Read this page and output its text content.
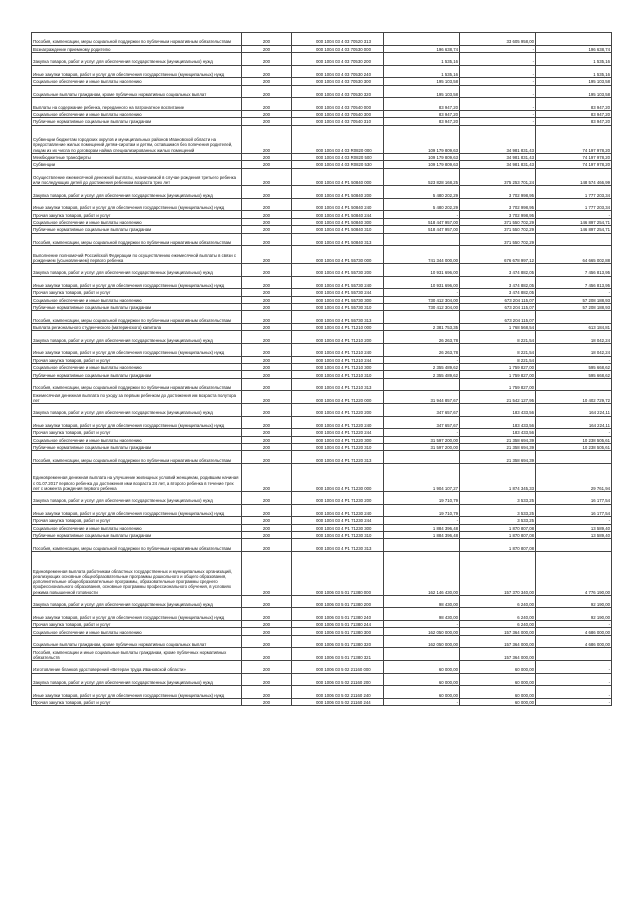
Пособия, компенсации, меры социальной поддержки по публичным нормативным обязательствам	200	000 1004 03 4 03 70520 313		33 605 958,00	
Вознаграждение приемному родителю	200	000 1004 03 4 03 70530 000	196 638,74	-	196 638,74
Закупка товаров, работ и услуг для обеспечения государственных (муниципальных) нужд	200	000 1004 03 4 03 70530 200	1 535,16	-	1 535,16
Иные закупки товаров, работ и услуг для обеспечения государственных (муниципальных) нужд	200	000 1004 03 4 03 70530 240	1 535,16	-	1 535,16
Социальное обеспечение и иные выплаты населению	200	000 1004 03 4 03 70530 300	195 103,58	-	195 103,58
Социальные выплаты гражданам, кроме публичных нормативных социальных выплат	200	000 1004 03 4 03 70530 320	195 103,58	-	195 103,58
Выплаты на содержание ребенка, переданного на патронатное воспитание	200	000 1004 03 4 03 70540 000	83 947,20	-	83 947,20
Социальное обеспечение и иные выплаты населению	200	000 1004 03 4 03 70540 300	83 947,20	-	83 947,20
Публичные нормативные социальные выплаты гражданам	200	000 1004 03 4 03 70540 310	83 947,20	-	83 947,20
Субвенции бюджетам городских округов и муниципальных районов Ивановской области на предоставление жилых помещений детям-сиротам и детям, оставшимся без попечения родителей, лицам из их числа по договорам найма специализированных жилых помещений	200	000 1004 03 4 03 R0820 000	109 179 809,63	34 981 831,43	74 197 978,20
Межбюджетные трансферты	200	000 1004 03 4 03 R0820 500	109 179 809,63	34 981 831,43	74 197 978,20
Субвенции	200	000 1004 03 4 03 R0820 530	109 179 809,63	34 981 831,43	74 197 978,20
Осуществление ежемесячной денежной выплаты, назначаемой в случае рождения третьего ребенка или последующих детей до достижения ребенком возраста трех лет	200	000 1004 03 4 P1 50840 000	523 828 168,25	375 253 701,24	148 574 466,99
Закупка товаров, работ и услуг для обеспечения государственных (муниципальных) нужд	200	000 1004 03 4 P1 50840 200	5 480 202,29	3 702 998,95	1 777 203,34
Иные закупки товаров, работ и услуг для обеспечения государственных (муниципальных) нужд	200	000 1004 03 4 P1 50840 240	5 480 202,29	3 702 998,95	1 777 203,34
Прочая закупка товаров, работ и услуг	200	000 1004 03 4 P1 50840 244	-	3 702 998,95	-
Социальное обеспечение и иные выплаты населению	200	000 1004 03 4 P1 50840 300	518 447 957,00	371 550 702,29	146 897 254,71
Публичные нормативные социальные выплаты гражданам	200	000 1004 03 4 P1 50840 310	518 447 957,00	371 550 702,29	146 897 254,71
Пособия, компенсации, меры социальной поддержки по публичным нормативным обязательствам	200	000 1004 03 4 P1 50840 313		371 550 702,29	
Выполнение полномочий Российской Федерации по осуществлению ежемесячной выплаты в связи с рождением (усыновлением) первого ребенка	200	000 1004 03 4 P1 55730 000	741 344 000,00	676 678 997,12	64 665 002,88
Закупка товаров, работ и услуг для обеспечения государственных (муниципальных) нужд	200	000 1004 03 4 P1 55730 200	10 931 696,00	3 474 882,05	7 456 813,95
Иные закупки товаров, работ и услуг для обеспечения государственных (муниципальных) нужд	200	000 1004 03 4 P1 55730 240	10 931 696,00	3 474 882,05	7 456 813,95
Прочая закупка товаров, работ и услуг	200	000 1004 03 4 P1 55730 244	-	3 474 882,05	-
Социальное обеспечение и иные выплаты населению	200	000 1004 03 4 P1 55730 300	730 412 304,00	673 204 115,07	57 208 188,93
Публичные нормативные социальные выплаты гражданам	200	000 1004 03 4 P1 55730 310	730 412 304,00	673 204 115,07	57 208 188,93
Пособия, компенсации, меры социальной поддержки по публичным нормативным обязательствам	200	000 1004 03 4 P1 55730 313		673 204 115,07	
Выплата регионального студенческого (материнского) капитала	200	000 1004 03 4 P1 71210 000	2 381 753,35	1 768 568,54	613 184,81
Закупка товаров, работ и услуг для обеспечения государственных (муниципальных) нужд	200	000 1004 03 4 P1 71210 200	26 263,78	8 221,54	18 042,24
Иные закупки товаров, работ и услуг для обеспечения государственных (муниципальных) нужд	200	000 1004 03 4 P1 71210 240	26 263,78	8 221,54	18 042,24
Прочая закупка товаров, работ и услуг	200	000 1004 03 4 P1 71210 244	-	8 221,54	-
Социальное обеспечение и иные выплаты населению	200	000 1004 03 4 P1 71210 300	2 355 489,62	1 759 827,00	595 668,62
Публичные нормативные социальные выплаты гражданам	200	000 1004 03 4 P1 71210 310	2 355 489,62	1 759 827,00	595 668,62
Пособия, компенсации, меры социальной поддержки по публичным нормативным обязательствам	200	000 1004 03 4 P1 71210 313		1 759 827,00	
Ежемесячная денежная выплата по уходу за первым ребенком до достижения им возраста полутора лет	200	000 1004 03 4 P1 71220 000	31 944 857,67	21 542 127,95	10 402 729,72
Закупка товаров, работ и услуг для обеспечения государственных (муниципальных) нужд	200	000 1004 03 4 P1 71220 200	347 657,67	183 433,56	164 224,11
Иные закупки товаров, работ и услуг для обеспечения государственных (муниципальных) нужд	200	000 1004 03 4 P1 71220 240	347 657,67	183 433,56	164 224,11
Прочая закупка товаров, работ и услуг	200	000 1004 03 4 P1 71220 244	-	183 433,56	-
Социальное обеспечение и иные выплаты населению	200	000 1004 03 4 P1 71220 300	31 597 200,00	21 358 694,39	10 238 505,61
Публичные нормативные социальные выплаты гражданам	200	000 1004 03 4 P1 71220 310	31 597 200,00	21 358 694,39	10 238 505,61
Пособия, компенсации, меры социальной поддержки по публичным нормативным обязательствам	200	000 1004 03 4 P1 71220 313		21 358 694,39	
Единовременная денежная выплата на улучшение жилищных условий женщинам, родившим начиная с 01.07.2017 первого ребенка до достижения ими возраста 24 лет, а второго ребенка в течение трех лет с момента рождения первого ребенка	200	000 1004 03 4 P1 71230 000	1 904 107,27	1 874 345,33	29 761,94
Закупка товаров, работ и услуг для обеспечения государственных (муниципальных) нужд	200	000 1004 03 4 P1 71230 200	19 710,79	3 533,25	16 177,54
Иные закупки товаров, работ и услуг для обеспечения государственных (муниципальных) нужд	200	000 1004 03 4 P1 71230 240	19 710,79	3 533,25	16 177,54
Прочая закупка товаров, работ и услуг	200	000 1004 03 4 P1 71230 244	-	3 533,25	-
Социальное обеспечение и иные выплаты населению	200	000 1004 03 4 P1 71230 300	1 884 396,48	1 870 807,08	13 589,40
Публичные нормативные социальные выплаты гражданам	200	000 1004 03 4 P1 71230 310	1 884 396,48	1 870 807,08	13 589,40
Пособия, компенсации, меры социальной поддержки по публичным нормативным обязательствам	200	000 1004 03 4 P1 71230 313		1 870 807,08	
Единовременная выплата работникам областных государственных и муниципальных организаций, реализующих основные общеобразовательные программы дошкольного и общего образования, дополнительные общеобразовательные программы, образовательные программы среднего профессионального образования, основные программы профессионального обучения, в условиях режима повышенной готовности	200	000 1006 03 5 01 71380 000	162 146 430,00	157 370 340,00	4 776 190,00
Закупка товаров, работ и услуг для обеспечения государственных (муниципальных) нужд	200	000 1006 03 5 01 71380 200	98 430,00	6 240,00	92 190,00
Иные закупки товаров, работ и услуг для обеспечения государственных (муниципальных) нужд	200	000 1006 03 5 01 71380 240	98 430,00	6 240,00	92 190,00
Прочая закупка товаров, работ и услуг	200	000 1006 03 5 01 71380 244	-	6 240,00	-
Социальное обеспечение и иные выплаты населению	200	000 1006 03 5 01 71380 300	162 050 000,00	157 364 000,00	4 686 000,00
Социальные выплаты гражданам, кроме публичных нормативных социальных выплат	200	000 1006 03 5 01 71380 320	162 050 000,00	157 364 000,00	4 686 000,00
Пособия, компенсации и иные социальные выплаты гражданам, кроме публичных нормативных обязательств	200	000 1006 03 5 01 71380 321		157 364 000,00	
Изготовление бланков удостоверений «Ветеран труда Ивановской области»	200	000 1006 03 5 02 21160 000	60 000,00	60 000,00	-
Закупка товаров, работ и услуг для обеспечения государственных (муниципальных) нужд	200	000 1006 03 5 02 21160 200	60 000,00	60 000,00	-
Иные закупки товаров, работ и услуг для обеспечения государственных (муниципальных) нужд	200	000 1006 03 5 02 21160 240	60 000,00	60 000,00	-
Прочая закупка товаров, работ и услуг	200	000 1006 03 5 02 21160 244	-	60 000,00	-
